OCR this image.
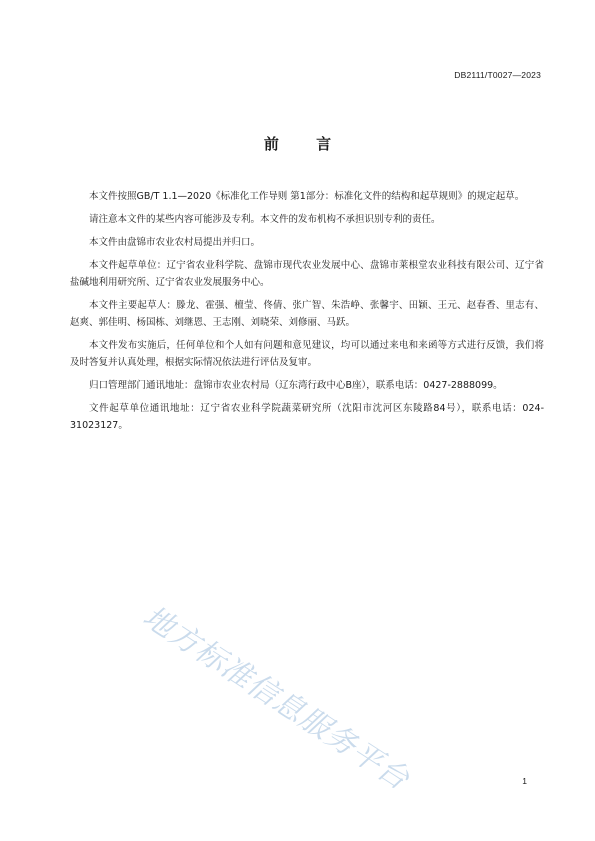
DB2111/T0027—2023
前 言

本文件按照GB/T 1.1—2020《标准化工作导则 第1部分：标准化文件的结构和起草规则》的规定起草。

请注意本文件的某些内容可能涉及专利。本文件的发布机构不承担识别专利的责任。

本文件由盘锦市农业农村局提出并归口。

本文件起草单位：辽宁省农业科学院、盘锦市现代农业发展中心、盘锦市莱根堂农业科技有限公司、辽宁省盐碱地利用研究所、辽宁省农业发展服务中心。

本文件主要起草人：滕龙、霍强、檀莹、佟倩、张广智、朱浩峥、张馨宇、田颖、王元、赵春香、里志有、赵爽、郭佳明、杨国栋、刘继恩、王志刚、刘晓荣、刘修丽、马跃。

本文件发布实施后，任何单位和个人如有问题和意见建议，均可以通过来电和来函等方式进行反馈，我们将及时答复并认真处理，根据实际情况依法进行评估及复审。

归口管理部门通讯地址：盘锦市农业农村局（辽东湾行政中心B座），联系电话：0427-2888099。

文件起草单位通讯地址：辽宁省农业科学院蔬菜研究所（沈阳市沈河区东陵路84号），联系电话：024-31023127。

地方标准信息服务平台	1
